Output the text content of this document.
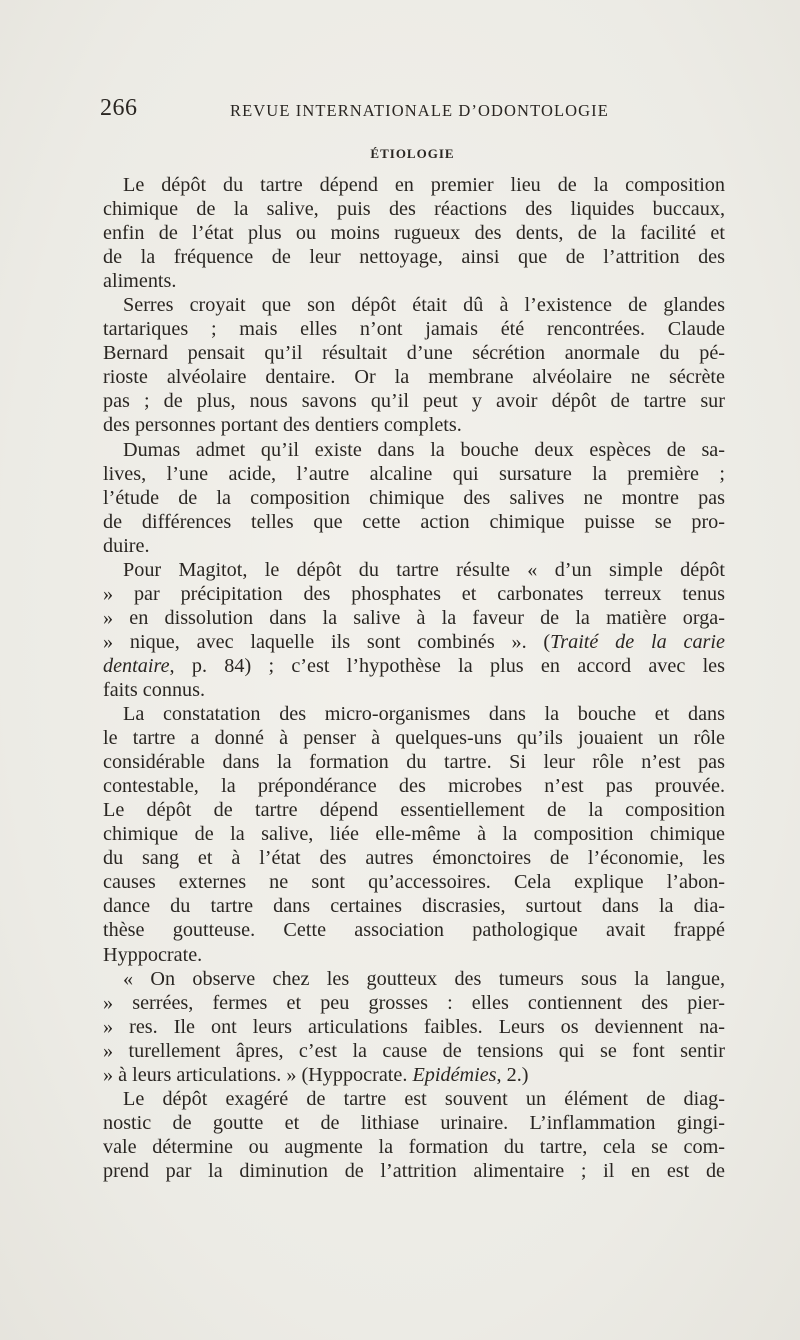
266	REVUE INTERNATIONALE D’ODONTOLOGIE
ÉTIOLOGIE
Le dépôt du tartre dépend en premier lieu de la composition
chimique de la salive, puis des réactions des liquides buccaux,
enfin de l’état plus ou moins rugueux des dents, de la facilité et
de la fréquence de leur nettoyage, ainsi que de l’attrition des
aliments.
Serres croyait que son dépôt était dû à l’existence de glandes
tartariques ; mais elles n’ont jamais été rencontrées. Claude
Bernard pensait qu’il résultait d’une sécrétion anormale du pé-
rioste alvéolaire dentaire. Or la membrane alvéolaire ne sécrète
pas ; de plus, nous savons qu’il peut y avoir dépôt de tartre sur
des personnes portant des dentiers complets.
Dumas admet qu’il existe dans la bouche deux espèces de sa-
lives, l’une acide, l’autre alcaline qui sursature la première ;
l’étude de la composition chimique des salives ne montre pas
de différences telles que cette action chimique puisse se pro-
duire.
Pour Magitot, le dépôt du tartre résulte « d’un simple dépôt
» par précipitation des phosphates et carbonates terreux tenus
» en dissolution dans la salive à la faveur de la matière orga-
» nique, avec laquelle ils sont combinés ». (Traité de la carie
dentaire, p. 84) ; c’est l’hypothèse la plus en accord avec les
faits connus.
La constatation des micro-organismes dans la bouche et dans
le tartre a donné à penser à quelques-uns qu’ils jouaient un rôle
considérable dans la formation du tartre. Si leur rôle n’est pas
contestable, la prépondérance des microbes n’est pas prouvée.
Le dépôt de tartre dépend essentiellement de la composition
chimique de la salive, liée elle-même à la composition chimique
du sang et à l’état des autres émonctoires de l’économie, les
causes externes ne sont qu’accessoires. Cela explique l’abon-
dance du tartre dans certaines discrasies, surtout dans la dia-
thèse goutteuse. Cette association pathologique avait frappé
Hyppocrate.
« On observe chez les goutteux des tumeurs sous la langue,
» serrées, fermes et peu grosses : elles contiennent des pier-
» res. Ile ont leurs articulations faibles. Leurs os deviennent na-
» turellement âpres, c’est la cause de tensions qui se font sentir
» à leurs articulations. » (Hyppocrate. Epidémies, 2.)
Le dépôt exagéré de tartre est souvent un élément de diag-
nostic de goutte et de lithiase urinaire. L’inflammation gingi-
vale détermine ou augmente la formation du tartre, cela se com-
prend par la diminution de l’attrition alimentaire ; il en est de
